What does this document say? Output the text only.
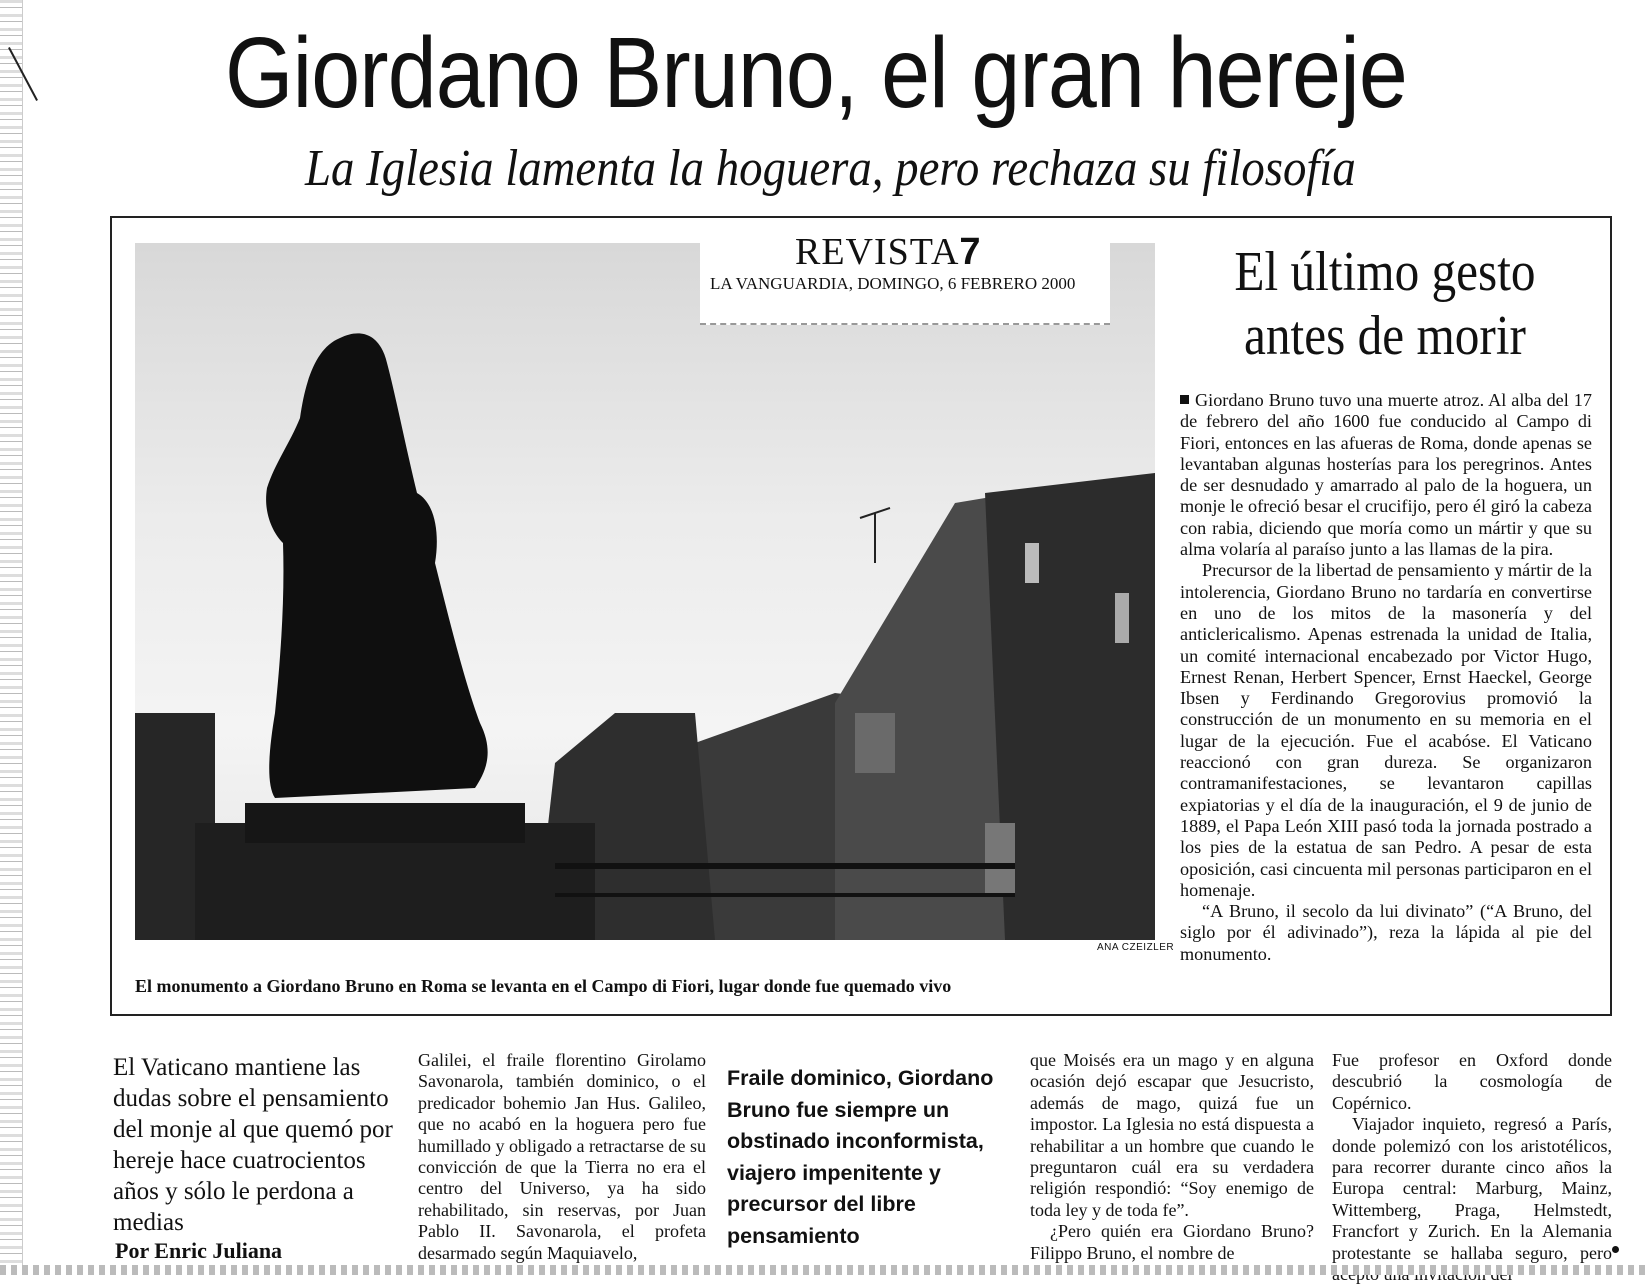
Giordano Bruno, el gran hereje
La Iglesia lamenta la hoguera, pero rechaza su filosofía
REVISTA7
LA VANGUARDIA, DOMINGO, 6 FEBRERO 2000
ANA CZEIZLER
El monumento a Giordano Bruno en Roma se levanta en el Campo di Fiori, lugar donde fue quemado vivo
El último gesto antes de morir

Giordano Bruno tuvo una muerte atroz. Al alba del 17 de febrero del año 1600 fue conducido al Campo di Fiori, entonces en las afueras de Roma, donde apenas se levantaban algunas hosterías para los peregrinos. Antes de ser desnudado y amarrado al palo de la hoguera, un monje le ofreció besar el crucifijo, pero él giró la cabeza con rabia, diciendo que moría como un mártir y que su alma volaría al paraíso junto a las llamas de la pira.

Precursor de la libertad de pensamiento y mártir de la intolerencia, Giordano Bruno no tardaría en convertirse en uno de los mitos de la masonería y del anticlericalismo. Apenas estrenada la unidad de Italia, un comité internacional encabezado por Victor Hugo, Ernest Renan, Herbert Spencer, Ernst Haeckel, George Ibsen y Ferdinando Gregorovius promovió la construcción de un monumento en su memoria en el lugar de la ejecución. Fue el acabóse. El Vaticano reaccionó con gran dureza. Se organizaron contramanifestaciones, se levantaron capillas expiatorias y el día de la inauguración, el 9 de junio de 1889, el Papa León XIII pasó toda la jornada postrado a los pies de la estatua de san Pedro. A pesar de esta oposición, casi cincuenta mil personas participaron en el homenaje.

“A Bruno, il secolo da lui divinato” (“A Bruno, del siglo por él adivinado”), reza la lápida al pie del monumento.

El Vaticano mantiene las dudas sobre el pensamiento del monje al que quemó por hereje hace cuatrocientos años y sólo le perdona a medias
Por Enric Juliana

Galilei, el fraile florentino Girolamo Savonarola, también dominico, o el predicador bohemio Jan Hus. Galileo, que no acabó en la hoguera pero fue humillado y obligado a retractarse de su convicción de que la Tierra no era el centro del Universo, ya ha sido rehabilitado, sin reservas, por Juan Pablo II. Savonarola, el profeta desarmado según Maquiavelo,

Fraile dominico, Giordano Bruno fue siempre un obstinado inconformista, viajero impenitente y precursor del libre pensamiento

que Moisés era un mago y en alguna ocasión dejó escapar que Jesucristo, además de mago, quizá fue un impostor. La Iglesia no está dispuesta a rehabilitar a un hombre que cuando le preguntaron cuál era su verdadera religión respondió: “Soy enemigo de toda ley y de toda fe”.

¿Pero quién era Giordano Bruno? Filippo Bruno, el nombre de

Fue profesor en Oxford donde descubrió la cosmología de Copérnico.

Viajador inquieto, regresó a París, donde polemizó con los aristotélicos, para recorrer durante cinco años la Europa central: Marburg, Mainz, Wittemberg, Praga, Helmstedt, Francfort y Zurich. En la Alemania protestante se hallaba seguro, pero
